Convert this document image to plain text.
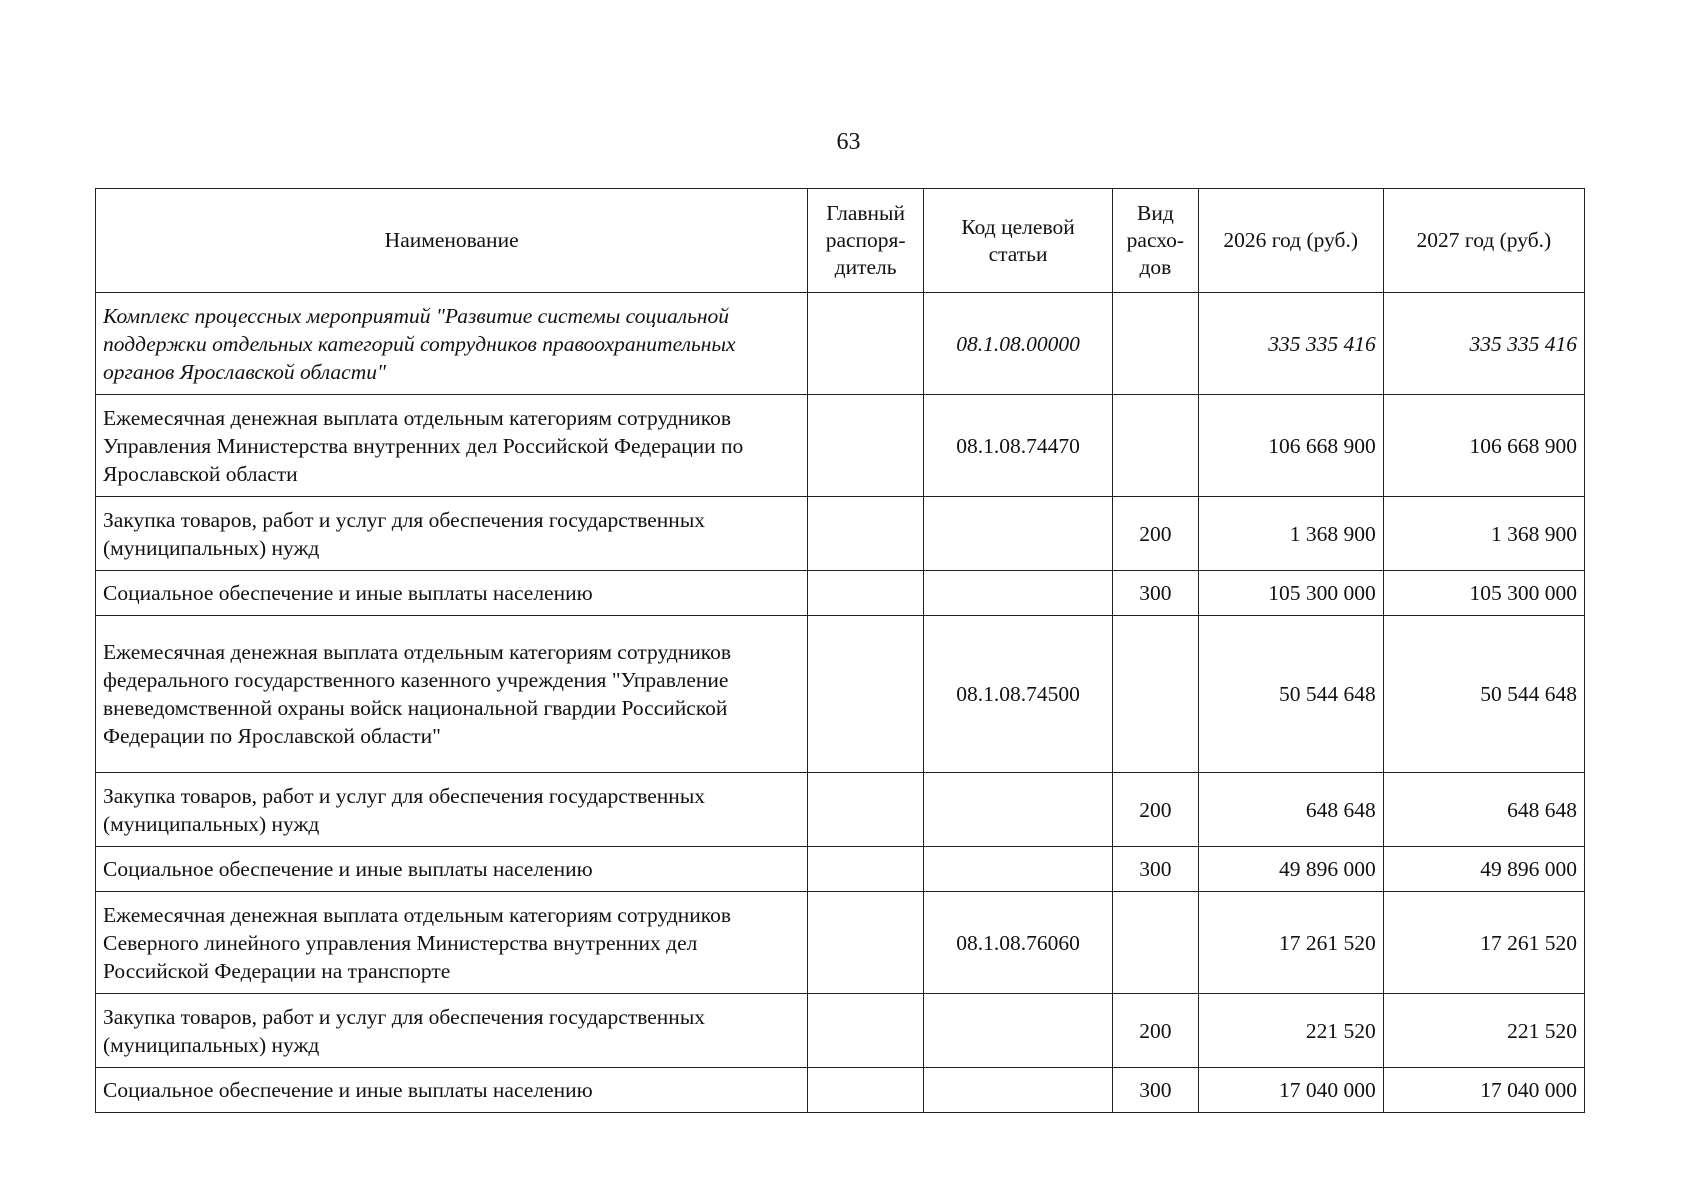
63
Наименование	Главный распоря-дитель	Код целевой статьи	Вид расхо-дов	2026 год (руб.)	2027 год (руб.)
Комплекс процессных мероприятий "Развитие системы социальной поддержки отдельных категорий сотрудников правоохранительных органов Ярославской области"		08.1.08.00000		335 335 416	335 335 416
Ежемесячная денежная выплата отдельным категориям сотрудников Управления Министерства внутренних дел Российской Федерации по Ярославской области		08.1.08.74470		106 668 900	106 668 900
Закупка товаров, работ и услуг для обеспечения государственных (муниципальных) нужд			200	1 368 900	1 368 900
Социальное обеспечение и иные выплаты населению			300	105 300 000	105 300 000
Ежемесячная денежная выплата отдельным категориям сотрудников федерального государственного казенного учреждения "Управление вневедомственной охраны войск национальной гвардии Российской Федерации по Ярославской области"		08.1.08.74500		50 544 648	50 544 648
Закупка товаров, работ и услуг для обеспечения государственных (муниципальных) нужд			200	648 648	648 648
Социальное обеспечение и иные выплаты населению			300	49 896 000	49 896 000
Ежемесячная денежная выплата отдельным категориям сотрудников Северного линейного управления Министерства внутренних дел Российской Федерации на транспорте		08.1.08.76060		17 261 520	17 261 520
Закупка товаров, работ и услуг для обеспечения государственных (муниципальных) нужд			200	221 520	221 520
Социальное обеспечение и иные выплаты населению			300	17 040 000	17 040 000
